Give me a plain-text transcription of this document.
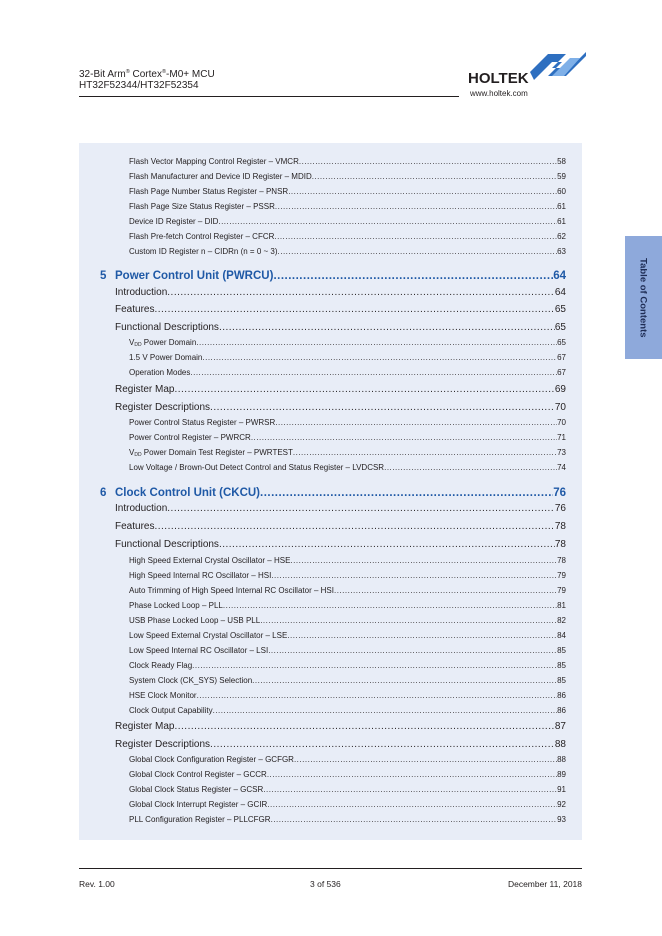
32-Bit Arm® Cortex®-M0+ MCU
HT32F52344/HT32F52354	HOLTEK
www.holtek.com
Flash Vector Mapping Control Register – VMCR .....	58
Flash Manufacturer and Device ID Register – MDID .....	59
Flash Page Number Status Register – PNSR .....	60
Flash Page Size Status Register – PSSR .....	61
Device ID Register – DID .....	61
Flash Pre-fetch Control Register – CFCR .....	62
Custom ID Register n – CIDRn (n = 0 ~ 3) .....	63
5 Power Control Unit (PWRCU) .....	64
Introduction .....	64
Features .....	65
Functional Descriptions .....	65
$V_{DD}$ Power Domain .....	65
1.5 V Power Domain .....	67
Operation Modes .....	67
Register Map .....	69
Register Descriptions .....	70
Power Control Status Register – PWRSR .....	70
Power Control Register – PWRCR .....	71
$V_{DD}$ Power Domain Test Register – PWRTEST .....	73
Low Voltage / Brown-Out Detect Control and Status Register – LVDCSR .....	74
6 Clock Control Unit (CKCU) .....	76
Introduction .....	76
Features .....	78
Functional Descriptions .....	78
High Speed External Crystal Oscillator – HSE .....	78
High Speed Internal RC Oscillator – HSI .....	79
Auto Trimming of High Speed Internal RC Oscillator – HSI .....	79
Phase Locked Loop – PLL .....	81
USB Phase Locked Loop – USB PLL .....	82
Low Speed External Crystal Oscillator – LSE .....	84
Low Speed Internal RC Oscillator – LSI .....	85
Clock Ready Flag .....	85
System Clock (CK_SYS) Selection .....	85
HSE Clock Monitor .....	86
Clock Output Capability .....	86
Register Map .....	87
Register Descriptions .....	88
Global Clock Configuration Register – GCFGR .....	88
Global Clock Control Register – GCCR .....	89
Global Clock Status Register – GCSR .....	91
Global Clock Interrupt Register – GCIR .....	92
PLL Configuration Register – PLLCFGR .....	93
Table of Contents
Rev. 1.00	3 of 536	December 11, 2018
